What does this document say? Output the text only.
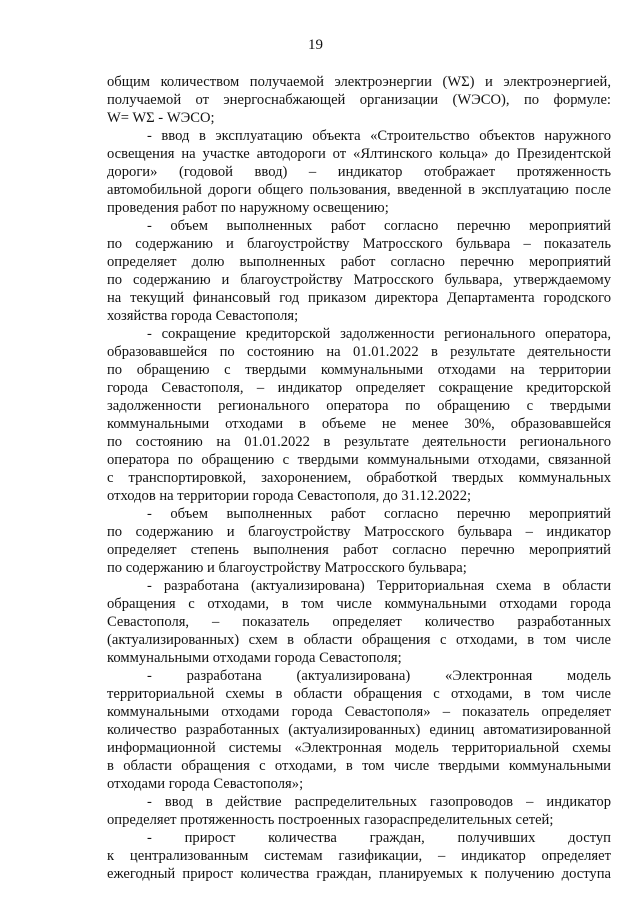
19
общим количеством получаемой электроэнергии (WΣ) и электроэнергией,
получаемой от энергоснабжающей организации (WЭСО), по формуле:
W= WΣ - WЭСО;
- ввод в эксплуатацию объекта «Строительство объектов наружного
освещения на участке автодороги от «Ялтинского кольца» до Президентской
дороги» (годовой ввод) – индикатор отображает протяженность
автомобильной дороги общего пользования, введенной в эксплуатацию после
проведения работ по наружному освещению;
- объем выполненных работ согласно перечню мероприятий
по содержанию и благоустройству Матросского бульвара – показатель
определяет долю выполненных работ согласно перечню мероприятий
по содержанию и благоустройству Матросского бульвара, утверждаемому
на текущий финансовый год приказом директора Департамента городского
хозяйства города Севастополя;
- сокращение кредиторской задолженности регионального оператора,
образовавшейся по состоянию на 01.01.2022 в результате деятельности
по обращению с твердыми коммунальными отходами на территории
города Севастополя, – индикатор определяет сокращение кредиторской
задолженности регионального оператора по обращению с твердыми
коммунальными отходами в объеме не менее 30%, образовавшейся
по состоянию на 01.01.2022 в результате деятельности регионального
оператора по обращению с твердыми коммунальными отходами, связанной
с транспортировкой, захоронением, обработкой твердых коммунальных
отходов на территории города Севастополя, до 31.12.2022;
- объем выполненных работ согласно перечню мероприятий
по содержанию и благоустройству Матросского бульвара – индикатор
определяет степень выполнения работ согласно перечню мероприятий
по содержанию и благоустройству Матросского бульвара;
- разработана (актуализирована) Территориальная схема в области
обращения с отходами, в том числе коммунальными отходами города
Севастополя, – показатель определяет количество разработанных
(актуализированных) схем в области обращения с отходами, в том числе
коммунальными отходами города Севастополя;
- разработана (актуализирована) «Электронная модель
территориальной схемы в области обращения с отходами, в том числе
коммунальными отходами города Севастополя» – показатель определяет
количество разработанных (актуализированных) единиц автоматизированной
информационной системы «Электронная модель территориальной схемы
в области обращения с отходами, в том числе твердыми коммунальными
отходами города Севастополя»;
- ввод в действие распределительных газопроводов – индикатор
определяет протяженность построенных газораспределительных сетей;
- прирост количества граждан, получивших доступ
к централизованным системам газификации, – индикатор определяет
ежегодный прирост количества граждан, планируемых к получению доступа
